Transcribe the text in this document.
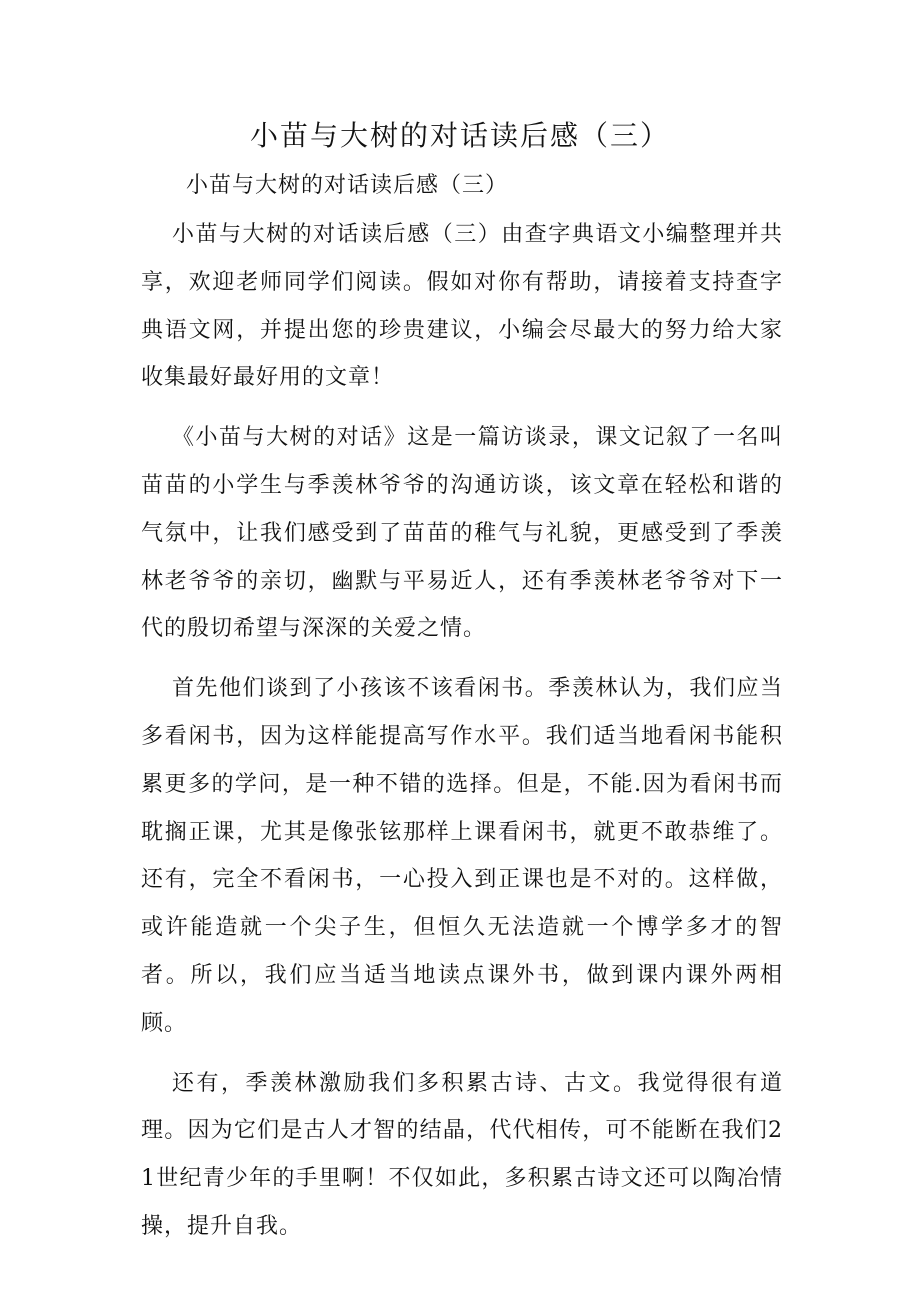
小苗与大树的对话读后感（三）

小苗与大树的对话读后感（三）

小苗与大树的对话读后感（三）由查字典语文小编整理并共享，欢迎老师同学们阅读。假如对你有帮助，请接着支持查字典语文网，并提出您的珍贵建议，小编会尽最大的努力给大家收集最好最好用的文章！

《小苗与大树的对话》这是一篇访谈录，课文记叙了一名叫苗苗的小学生与季羡林爷爷的沟通访谈，该文章在轻松和谐的气氛中，让我们感受到了苗苗的稚气与礼貌，更感受到了季羡林老爷爷的亲切，幽默与平易近人，还有季羡林老爷爷对下一代的殷切希望与深深的关爱之情。

首先他们谈到了小孩该不该看闲书。季羡林认为，我们应当多看闲书，因为这样能提高写作水平。我们适当地看闲书能积累更多的学问，是一种不错的选择。但是，不能.因为看闲书而耽搁正课，尤其是像张铉那样上课看闲书，就更不敢恭维了。还有，完全不看闲书，一心投入到正课也是不对的。这样做，或许能造就一个尖子生，但恒久无法造就一个博学多才的智者。所以，我们应当适当地读点课外书，做到课内课外两相顾。

还有，季羡林激励我们多积累古诗、古文。我觉得很有道理。因为它们是古人才智的结晶，代代相传，可不能断在我们21世纪青少年的手里啊！不仅如此，多积累古诗文还可以陶冶情操，提升自我。
